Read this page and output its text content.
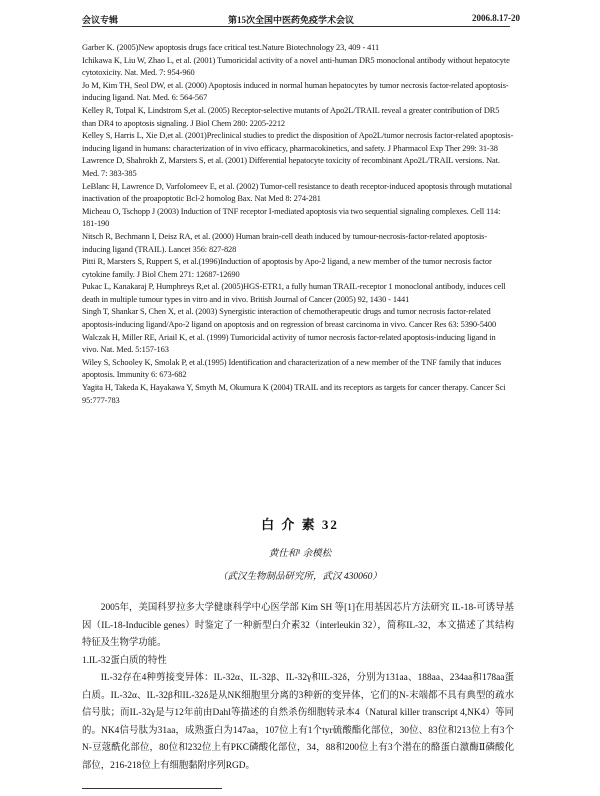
会议专辑	第15次全国中医药免疫学术会议	2006.8.17-20

Garber K. (2005)New apoptosis drugs face critical test.Nature Biotechnology 23, 409 - 411

Ichikawa K, Liu W, Zhao L, et al. (2001) Tumoricidal activity of a novel anti-human DR5 monoclonal antibody without hepatocyte cytotoxicity. Nat. Med. 7: 954-960

Jo M, Kim TH, Seol DW, et al. (2000) Apoptosis induced in normal human hepatocytes by tumor necrosis factor-related apoptosis-inducing ligand. Nat. Med. 6: 564-567

Kelley R, Totpal K, Lindstrom S,et al. (2005) Receptor-selective mutants of Apo2L/TRAIL reveal a greater contribution of DR5 than DR4 to apoptosis signaling. J Biol Chem 280: 2205-2212

Kelley S, Harris L, Xie D,et al. (2001)Preclinical studies to predict the disposition of Apo2L/tumor necrosis factor-related apoptosis-inducing ligand in humans: characterization of in vivo efficacy, pharmacokinetics, and safety. J Pharmacol Exp Ther 299: 31-38

Lawrence D, Shahrokh Z, Marsters S, et al. (2001) Differential hepatocyte toxicity of recombinant Apo2L/TRAIL versions. Nat. Med. 7: 383-385

LeBlanc H, Lawrence D, Varfolomeev E, et al. (2002) Tumor-cell resistance to death receptor-induced apoptosis through mutational inactivation of the proapoptotic Bcl-2 homolog Bax. Nat Med 8: 274-281

Micheau O, Tschopp J (2003) Induction of TNF receptor I-mediated apoptosis via two sequential signaling complexes. Cell 114: 181-190

Nitsch R, Bechmann I, Deisz RA, et al. (2000) Human brain-cell death induced by tumour-necrosis-factor-related apoptosis-inducing ligand (TRAIL). Lancet 356: 827-828

Pitti R, Marsters S, Ruppert S, et al.(1996)Induction of apoptosis by Apo-2 ligand, a new member of the tumor necrosis factor cytokine family. J Biol Chem 271: 12687-12690

Pukac L, Kanakaraj P, Humphreys R,et al. (2005)HGS-ETR1, a fully human TRAIL-receptor 1 monoclonal antibody, induces cell death in multiple tumour types in vitro and in vivo. British Journal of Cancer (2005) 92, 1430 - 1441

Singh T, Shankar S, Chen X, et al. (2003) Synergistic interaction of chemotherapeutic drugs and tumor necrosis factor-related apoptosis-inducing ligand/Apo-2 ligand on apoptosis and on regression of breast carcinoma in vivo. Cancer Res 63: 5390-5400

Walczak H, Miller RE, Ariail K, et al. (1999) Tumoricidal activity of tumor necrosis factor-related apoptosis-inducing ligand in vivo. Nat. Med. 5:157-163

Wiley S, Schooley K, Smolak P, et al.(1995) Identification and characterization of a new member of the TNF family that induces apoptosis. Immunity 6: 673-682

Yagita H, Takeda K, Hayakawa Y, Smyth M, Okumura K (2004) TRAIL and its receptors as targets for cancer therapy. Cancer Sci 95:777-783

白 介 素 32
黄仕和¹ 余模松
（武汉生物制品研究所，武汉 430060）

2005年，美国科罗拉多大学健康科学中心医学部 Kim SH 等[1]在用基因芯片方法研究 IL-18-可诱导基因（IL-18-Inducible genes）时鉴定了一种新型白介素32（interleukin 32），简称IL-32，本文描述了其结构特征及生物学功能。

1.IL-32蛋白质的特性

IL-32存在4种剪接变异体：IL-32α、IL-32β、IL-32γ和IL-32δ，分别为131aa、188aa、234aa和178aa蛋白质。IL-32α、IL-32β和IL-32δ是从NK细胞里分离的3种新的变异体，它们的N-末端都不具有典型的疏水信号肽；而IL-32γ是与12年前由Dahl等描述的自然杀伤细胞转录本4（Natural killer transcript 4,NK4）等同的。NK4信号肽为31aa，成熟蛋白为147aa，107位上有1个tyr硫酸酯化部位，30位、83位和213位上有3个N-豆蔻酰化部位，80位和232位上有PKC磷酸化部位，34，88和200位上有3个潜在的酪蛋白激酶Ⅱ磷酸化部位，216-218位上有细胞黏附序列RGD。
